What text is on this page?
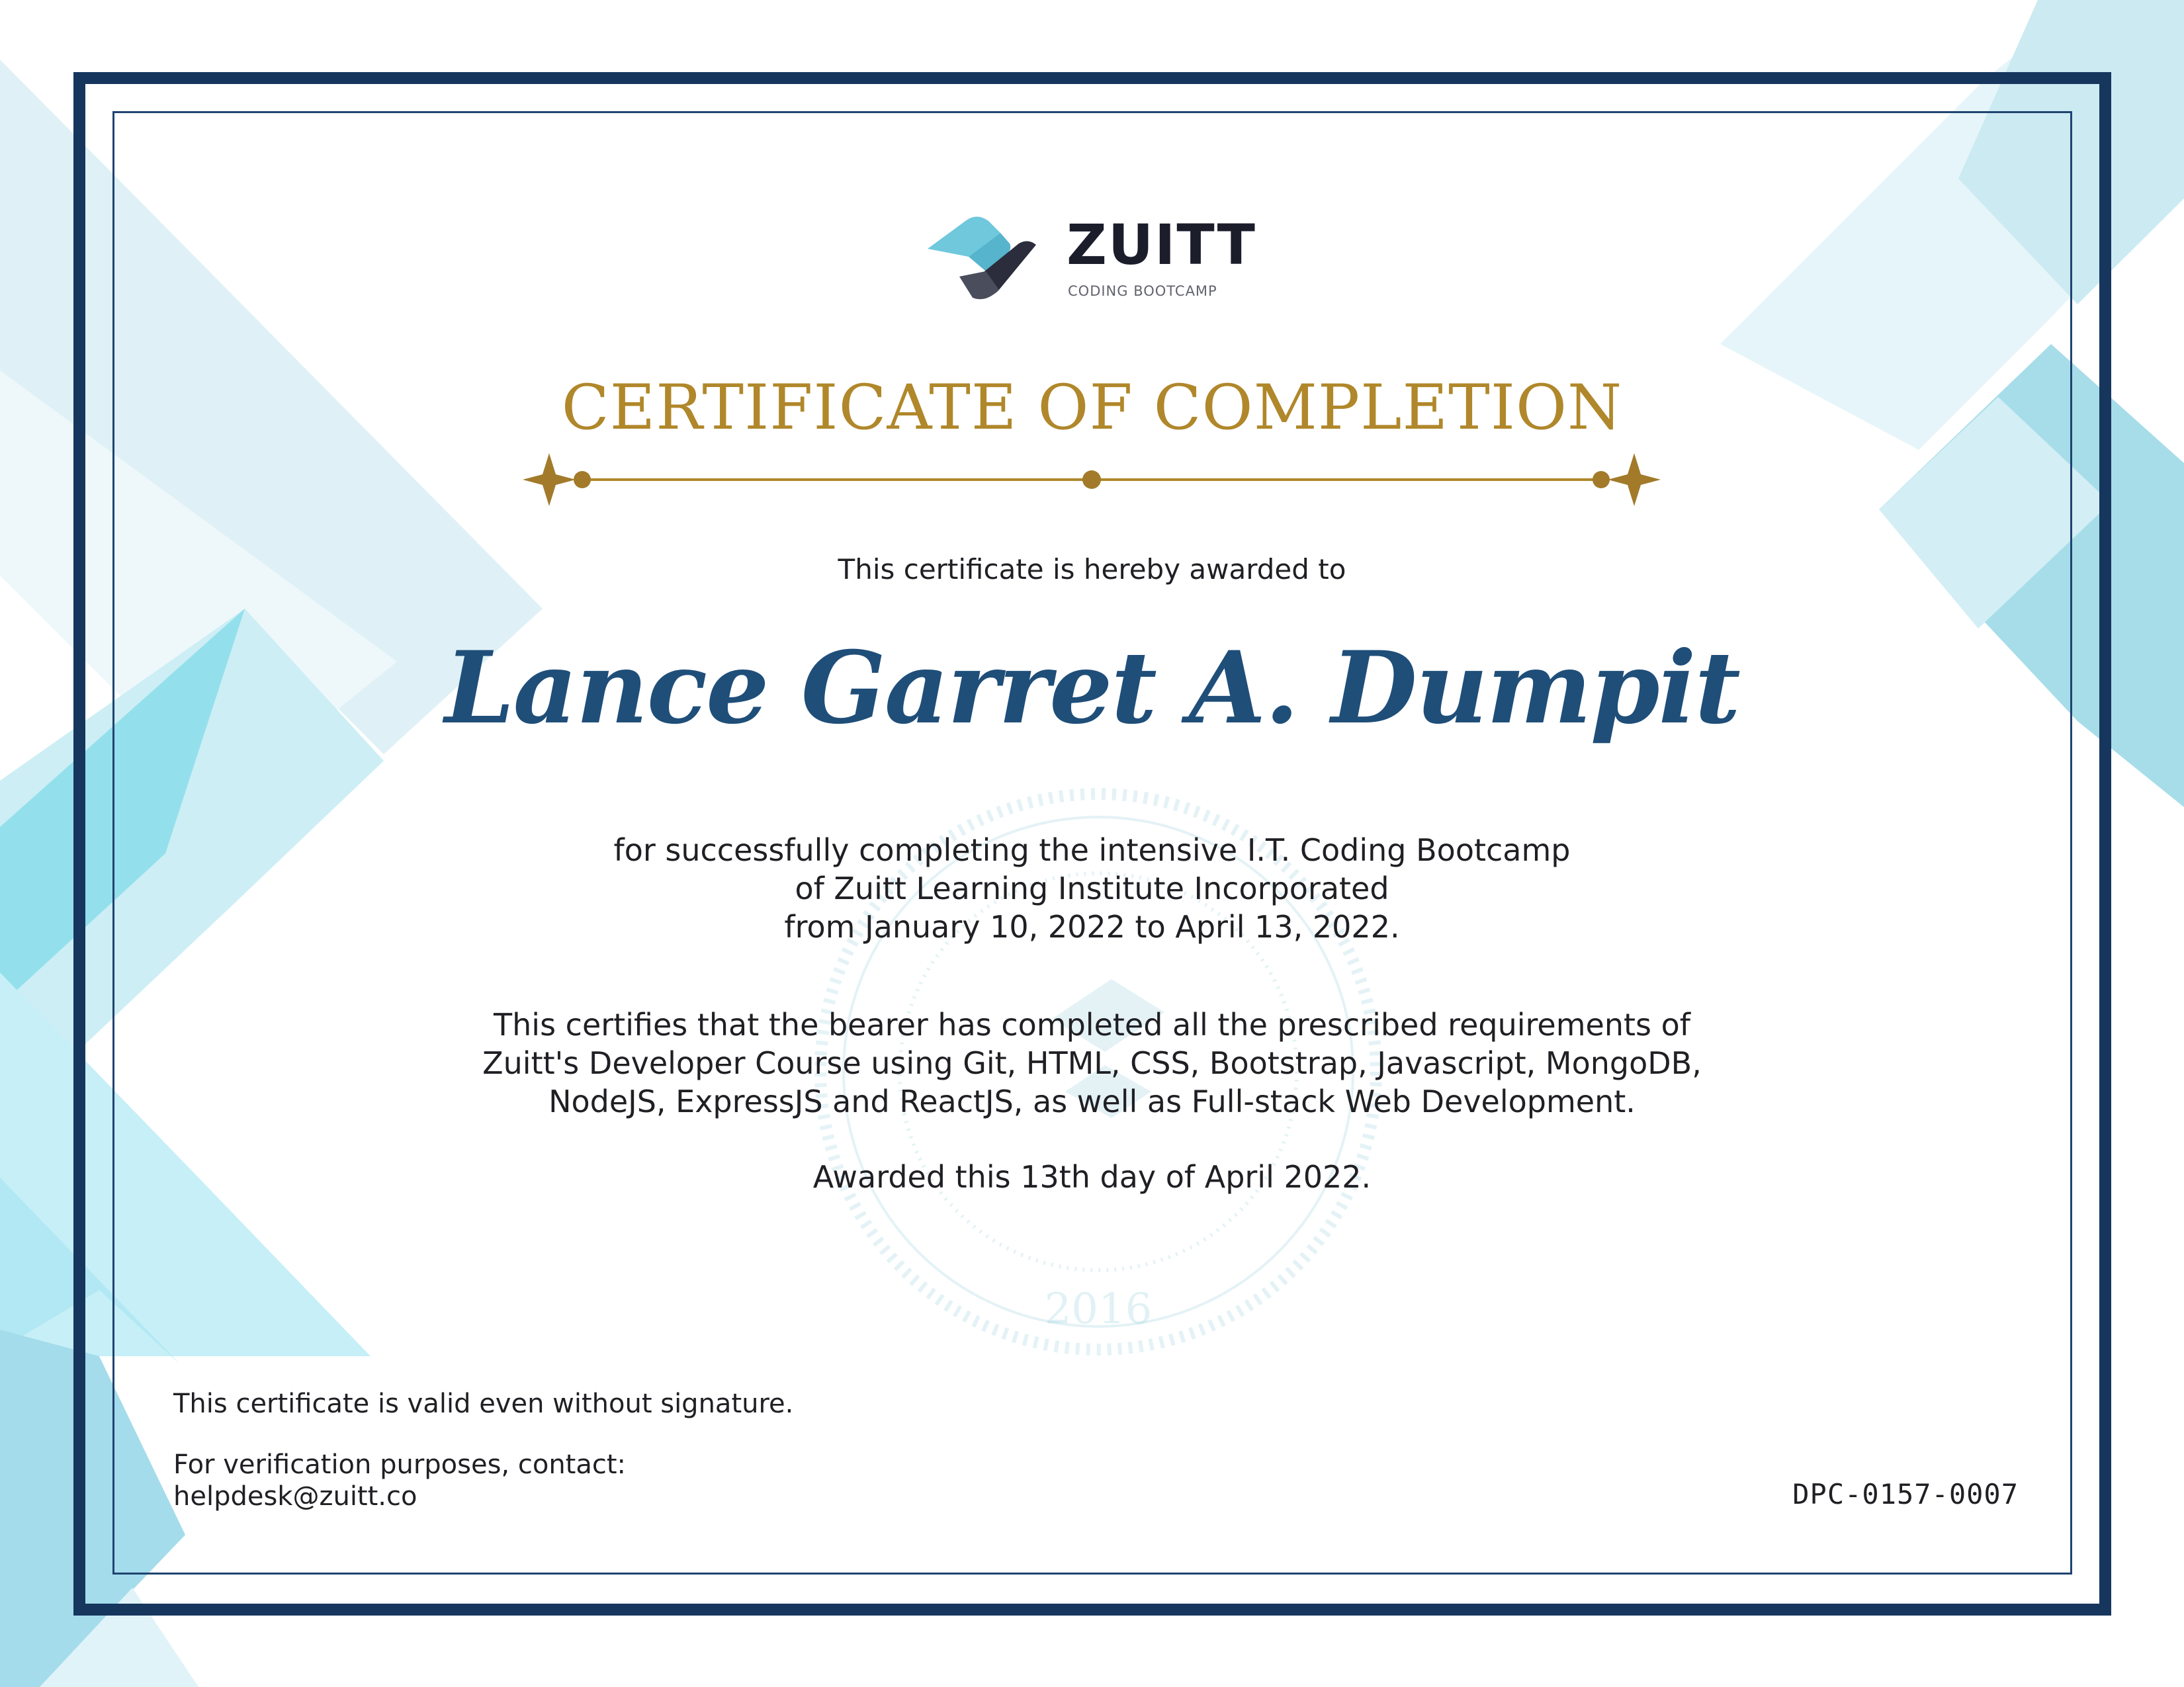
2016
ZUITT
CODING BOOTCAMP
CERTIFICATE OF COMPLETION
This certificate is hereby awarded to
Lance Garret A. Dumpit
for successfully completing the intensive I.T. Coding Bootcamp
of Zuitt Learning Institute Incorporated
from January 10, 2022 to April 13, 2022.
This certifies that the bearer has completed all the prescribed requirements of
Zuitt's Developer Course using Git, HTML, CSS, Bootstrap, Javascript, MongoDB,
NodeJS, ExpressJS and ReactJS, as well as Full-stack Web Development.
Awarded this 13th day of April 2022.
This certificate is valid even without signature.
For verification purposes, contact:
helpdesk@zuitt.co	DPC-0157-0007
